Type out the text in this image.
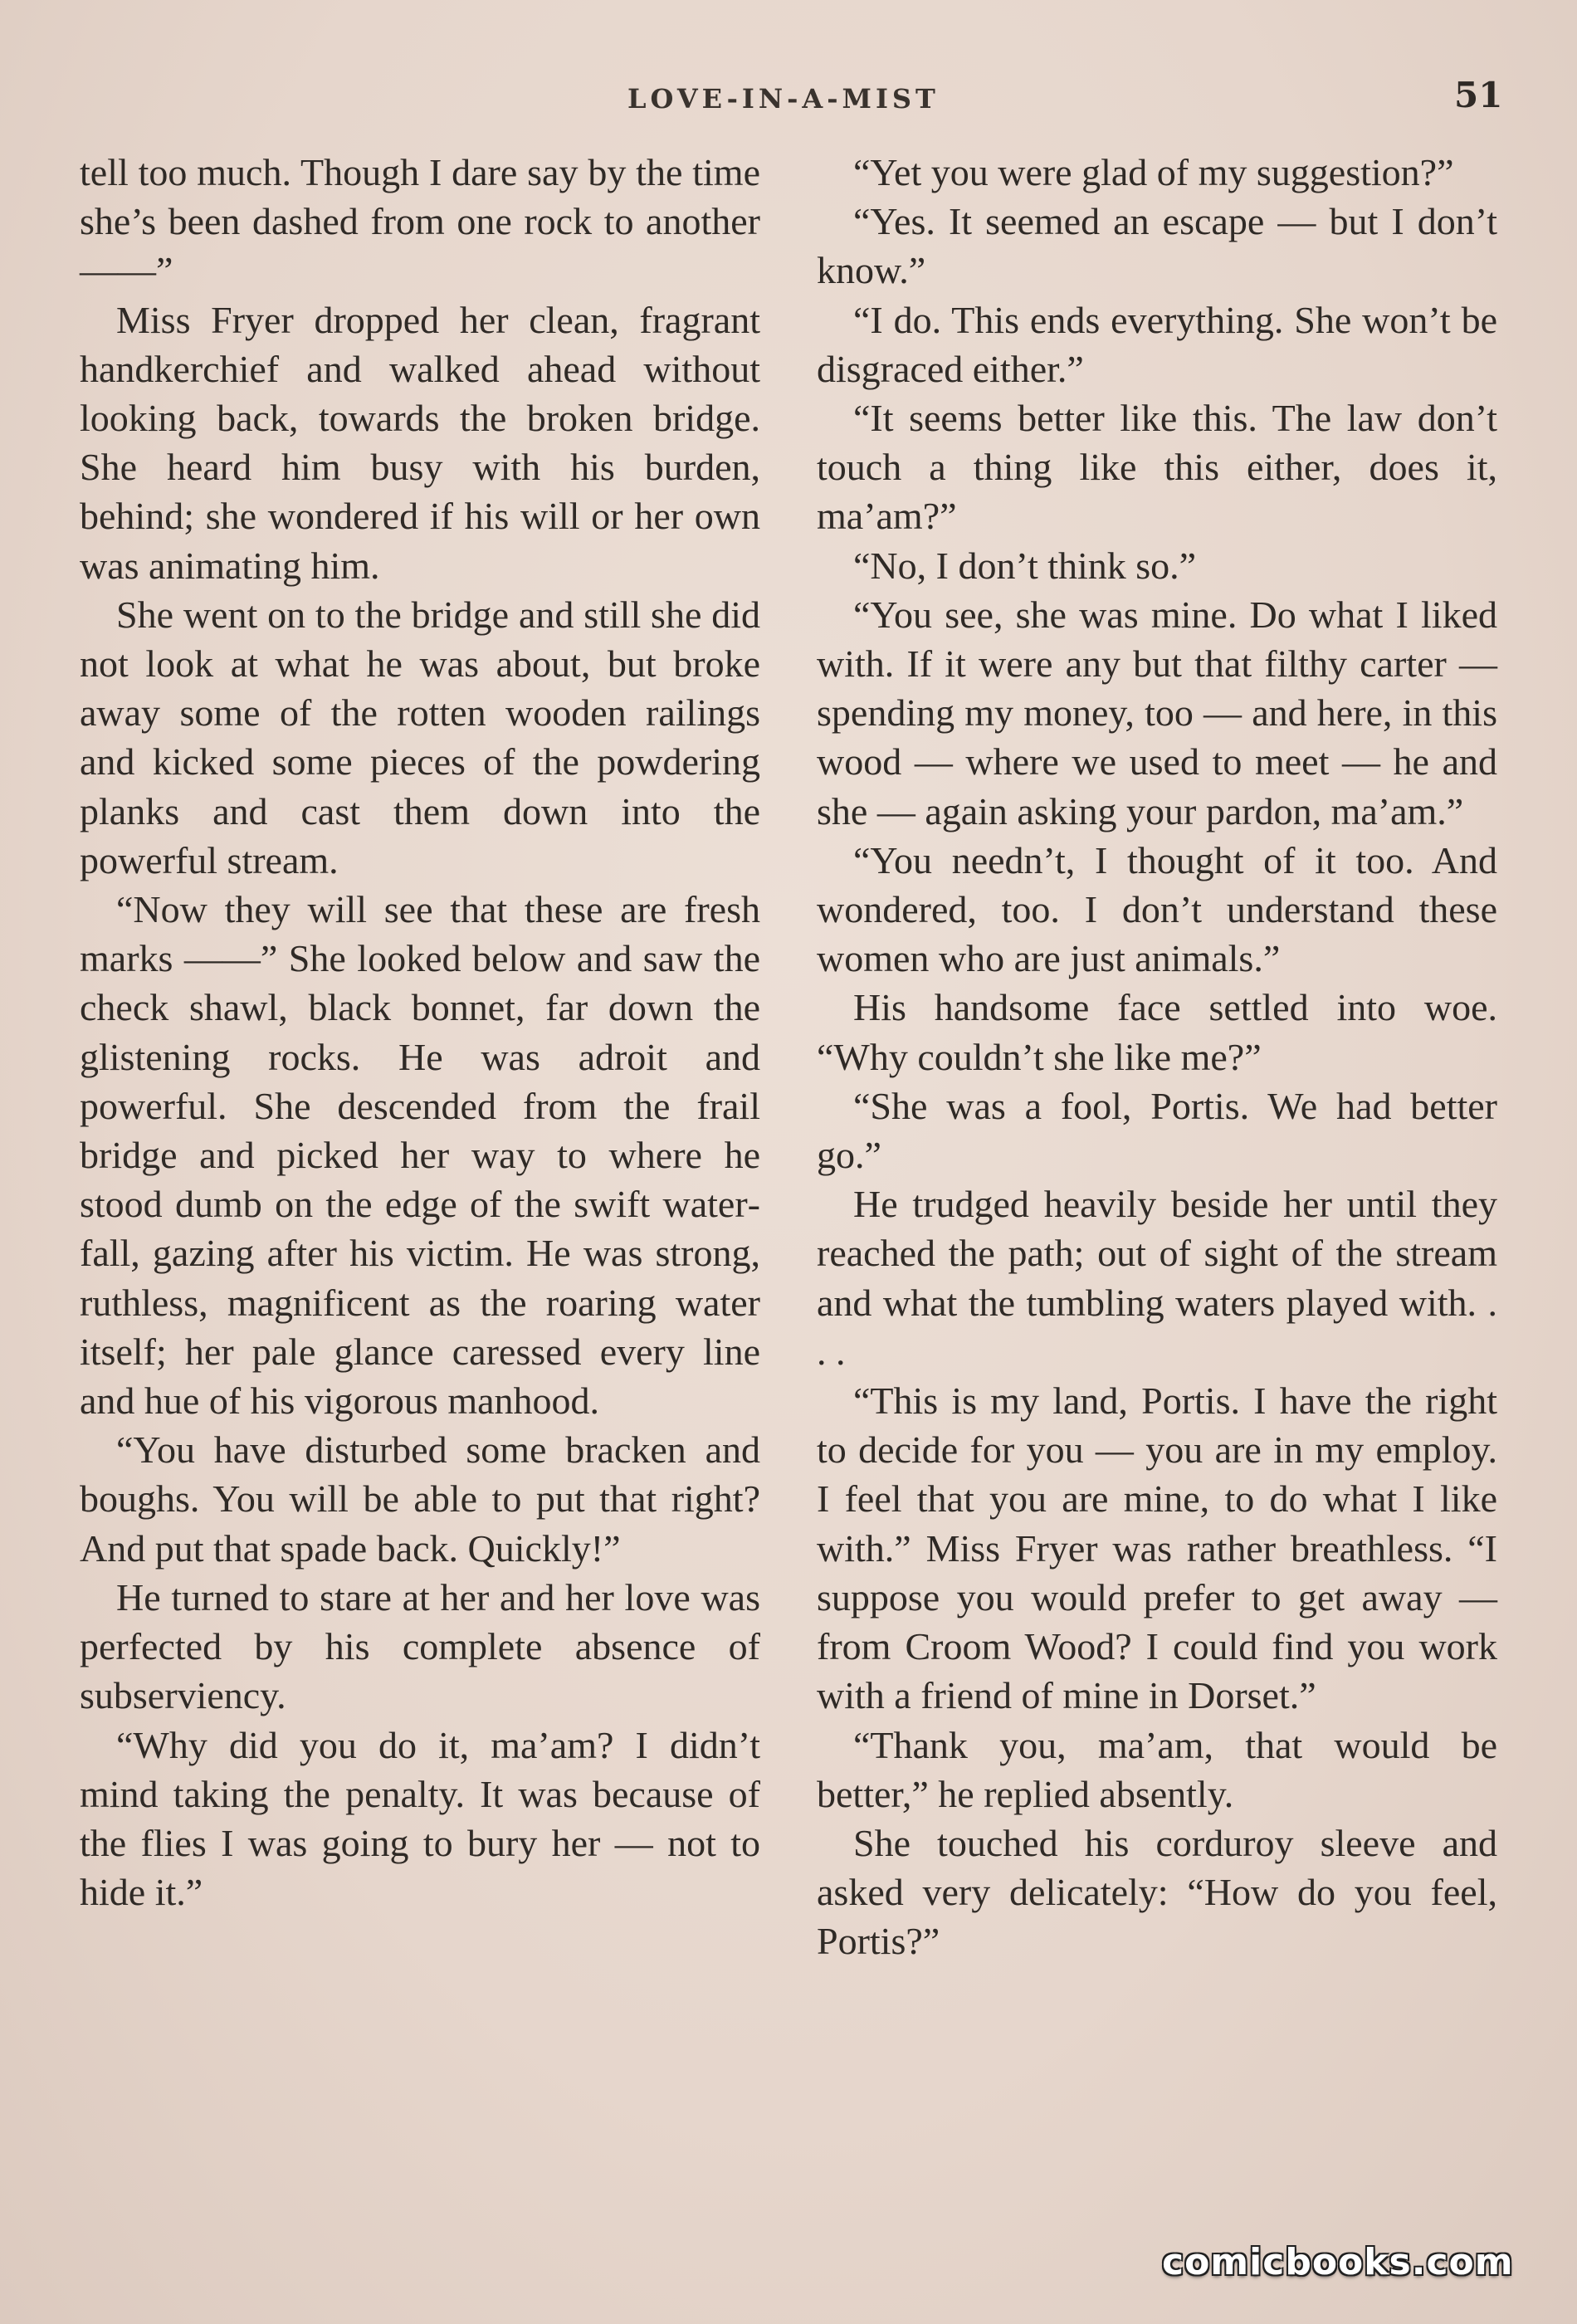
LOVE-IN-A-MIST	51

tell too much. Though I dare say by the time she’s been dashed from one rock to another ——”

Miss Fryer dropped her clean, fragrant handkerchief and walked ahead without looking back, towards the broken bridge. She heard him busy with his burden, behind; she wondered if his will or her own was animating him.

She went on to the bridge and still she did not look at what he was about, but broke away some of the rotten wooden railings and kicked some pieces of the powdering planks and cast them down into the powerful stream.

“Now they will see that these are fresh marks ——” She looked below and saw the check shawl, black bonnet, far down the glistening rocks. He was adroit and powerful. She descended from the frail bridge and picked her way to where he stood dumb on the edge of the swift waterfall, gazing after his victim. He was strong, ruthless, magnificent as the roaring water itself; her pale glance caressed every line and hue of his vigorous manhood.

“You have disturbed some bracken and boughs. You will be able to put that right? And put that spade back. Quickly!”

He turned to stare at her and her love was perfected by his complete absence of subserviency.

“Why did you do it, ma’am? I didn’t mind taking the penalty. It was because of the flies I was going to bury her — not to hide it.”

“Yet you were glad of my suggestion?”

“Yes. It seemed an escape — but I don’t know.”

“I do. This ends everything. She won’t be disgraced either.”

“It seems better like this. The law don’t touch a thing like this either, does it, ma’am?”

“No, I don’t think so.”

“You see, she was mine. Do what I liked with. If it were any but that filthy carter — spending my money, too — and here, in this wood — where we used to meet — he and she — again asking your pardon, ma’am.”

“You needn’t, I thought of it too. And wondered, too. I don’t understand these women who are just animals.”

His handsome face settled into woe. “Why couldn’t she like me?”

“She was a fool, Portis. We had better go.”

He trudged heavily beside her until they reached the path; out of sight of the stream and what the tumbling waters played with. . . .

“This is my land, Portis. I have the right to decide for you — you are in my employ. I feel that you are mine, to do what I like with.” Miss Fryer was rather breathless. “I suppose you would prefer to get away — from Croom Wood? I could find you work with a friend of mine in Dorset.”

“Thank you, ma’am, that would be better,” he replied absently.

She touched his corduroy sleeve and asked very delicately: “How do you feel, Portis?”

comicbooks.com
